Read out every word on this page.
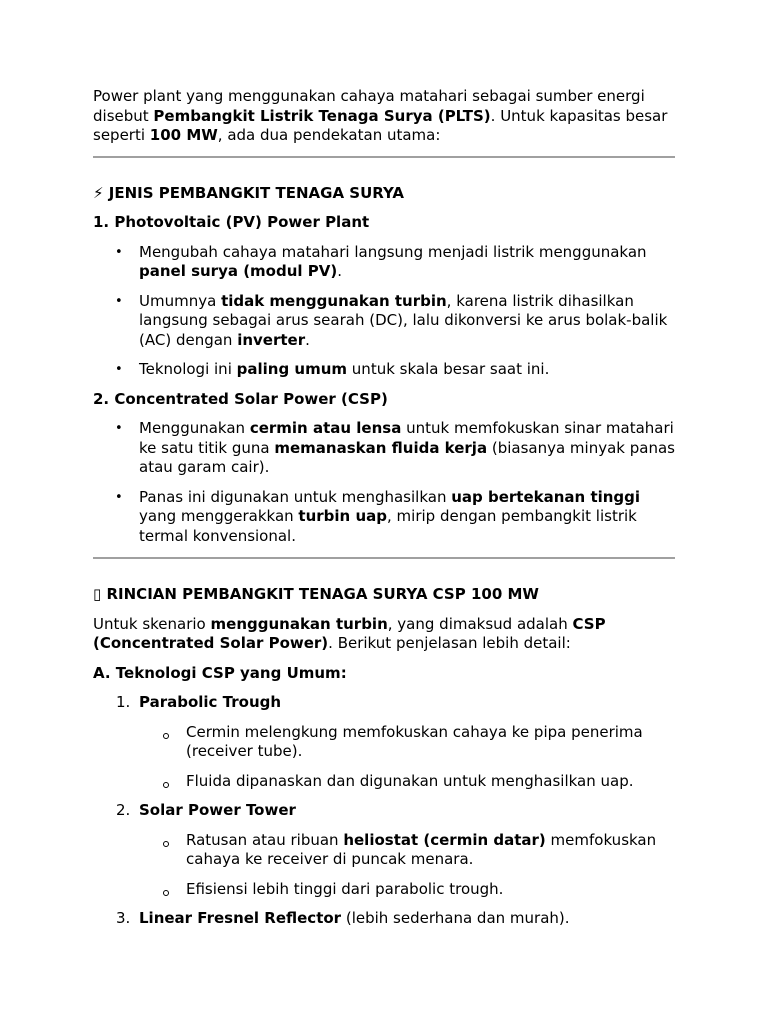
Power plant yang menggunakan cahaya matahari sebagai sumber energi disebut Pembangkit Listrik Tenaga Surya (PLTS). Untuk kapasitas besar seperti 100 MW, ada dua pendekatan utama:

⚡ JENIS PEMBANGKIT TENAGA SURYA

1. Photovoltaic (PV) Power Plant

• Mengubah cahaya matahari langsung menjadi listrik menggunakan panel surya (modul PV).
• Umumnya tidak menggunakan turbin, karena listrik dihasilkan langsung sebagai arus searah (DC), lalu dikonversi ke arus bolak-balik (AC) dengan inverter.
• Teknologi ini paling umum untuk skala besar saat ini.

2. Concentrated Solar Power (CSP)

• Menggunakan cermin atau lensa untuk memfokuskan sinar matahari ke satu titik guna memanaskan fluida kerja (biasanya minyak panas atau garam cair).
• Panas ini digunakan untuk menghasilkan uap bertekanan tinggi yang menggerakkan turbin uap, mirip dengan pembangkit listrik termal konvensional.

▯ RINCIAN PEMBANGKIT TENAGA SURYA CSP 100 MW

Untuk skenario menggunakan turbin, yang dimaksud adalah CSP (Concentrated Solar Power). Berikut penjelasan lebih detail:

A. Teknologi CSP yang Umum:

1. Parabolic Trough
Cermin melengkung memfokuskan cahaya ke pipa penerima (receiver tube).
Fluida dipanaskan dan digunakan untuk menghasilkan uap.
2. Solar Power Tower
Ratusan atau ribuan heliostat (cermin datar) memfokuskan cahaya ke receiver di puncak menara.
Efisiensi lebih tinggi dari parabolic trough.
3. Linear Fresnel Reflector (lebih sederhana dan murah).
